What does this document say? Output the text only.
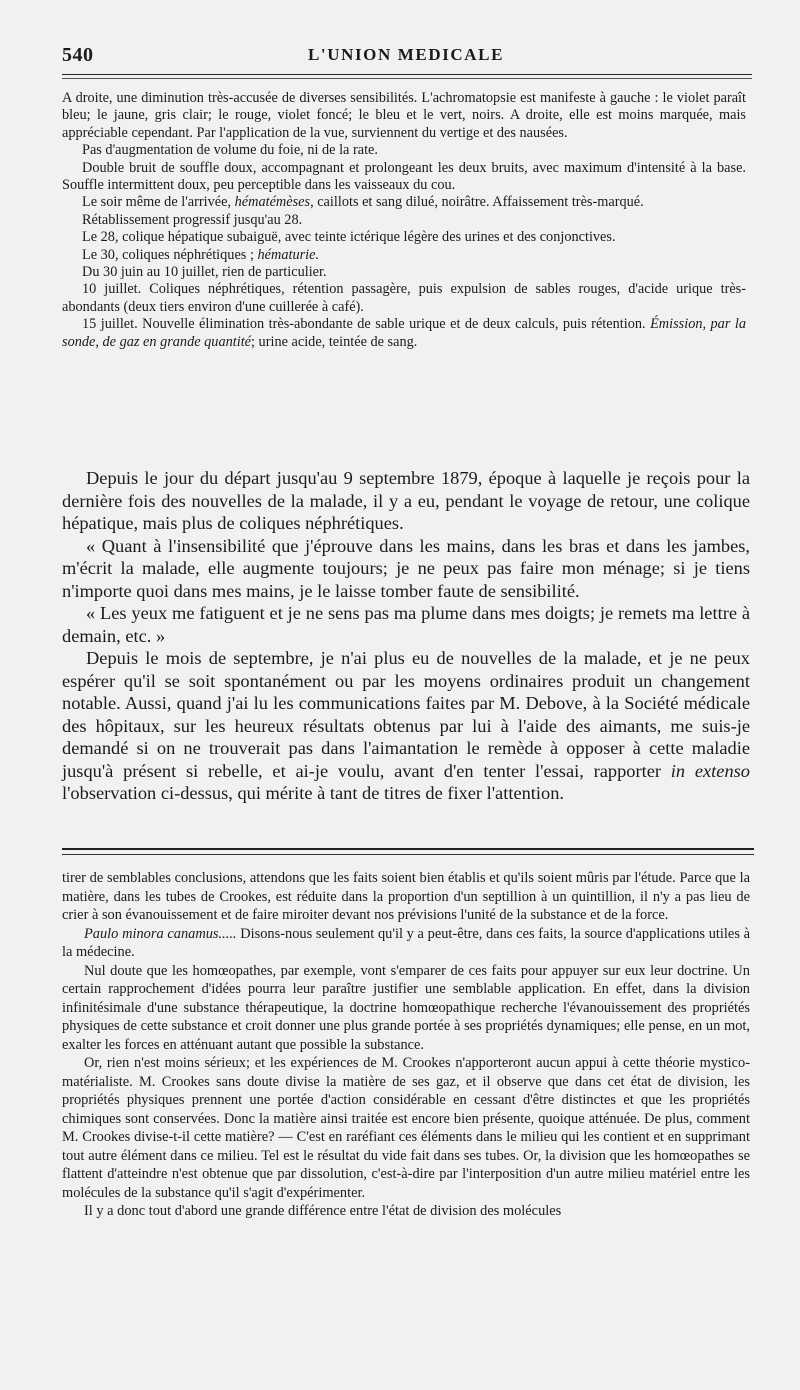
540	L'UNION MEDICALE

A droite, une diminution très-accusée de diverses sensibilités. L'achromatopsie est manifeste à gauche : le violet paraît bleu; le jaune, gris clair; le rouge, violet foncé; le bleu et le vert, noirs. A droite, elle est moins marquée, mais appréciable cependant. Par l'application de la vue, surviennent du vertige et des nausées.

Pas d'augmentation de volume du foie, ni de la rate.

Double bruit de souffle doux, accompagnant et prolongeant les deux bruits, avec maximum d'intensité à la base. Souffle intermittent doux, peu perceptible dans les vaisseaux du cou.

Le soir même de l'arrivée, hématémèses, caillots et sang dilué, noirâtre. Affaissement très-marqué.

Rétablissement progressif jusqu'au 28.

Le 28, colique hépatique subaiguë, avec teinte ictérique légère des urines et des conjonctives.

Le 30, coliques néphrétiques ; hématurie.

Du 30 juin au 10 juillet, rien de particulier.

10 juillet. Coliques néphrétiques, rétention passagère, puis expulsion de sables rouges, d'acide urique très-abondants (deux tiers environ d'une cuillerée à café).

15 juillet. Nouvelle élimination très-abondante de sable urique et de deux calculs, puis rétention. Émission, par la sonde, de gaz en grande quantité; urine acide, teintée de sang.

Depuis le jour du départ jusqu'au 9 septembre 1879, époque à laquelle je reçois pour la dernière fois des nouvelles de la malade, il y a eu, pendant le voyage de retour, une colique hépatique, mais plus de coliques néphrétiques.

« Quant à l'insensibilité que j'éprouve dans les mains, dans les bras et dans les jambes, m'écrit la malade, elle augmente toujours; je ne peux pas faire mon ménage; si je tiens n'importe quoi dans mes mains, je le laisse tomber faute de sensibilité.

« Les yeux me fatiguent et je ne sens pas ma plume dans mes doigts; je remets ma lettre à demain, etc. »

Depuis le mois de septembre, je n'ai plus eu de nouvelles de la malade, et je ne peux espérer qu'il se soit spontanément ou par les moyens ordinaires produit un changement notable. Aussi, quand j'ai lu les communications faites par M. Debove, à la Société médicale des hôpitaux, sur les heureux résultats obtenus par lui à l'aide des aimants, me suis-je demandé si on ne trouverait pas dans l'aimantation le remède à opposer à cette maladie jusqu'à présent si rebelle, et ai-je voulu, avant d'en tenter l'essai, rapporter in extenso l'observation ci-dessus, qui mérite à tant de titres de fixer l'attention.

tirer de semblables conclusions, attendons que les faits soient bien établis et qu'ils soient mûris par l'étude. Parce que la matière, dans les tubes de Crookes, est réduite dans la proportion d'un septillion à un quintillion, il n'y a pas lieu de crier à son évanouissement et de faire miroiter devant nos prévisions l'unité de la substance et de la force.

Paulo minora canamus..... Disons-nous seulement qu'il y a peut-être, dans ces faits, la source d'applications utiles à la médecine.

Nul doute que les homœopathes, par exemple, vont s'emparer de ces faits pour appuyer sur eux leur doctrine. Un certain rapprochement d'idées pourra leur paraître justifier une semblable application. En effet, dans la division infinitésimale d'une substance thérapeutique, la doctrine homœopathique recherche l'évanouissement des propriétés physiques de cette substance et croit donner une plus grande portée à ses propriétés dynamiques; elle pense, en un mot, exalter les forces en atténuant autant que possible la substance.

Or, rien n'est moins sérieux; et les expériences de M. Crookes n'apporteront aucun appui à cette théorie mystico-matérialiste. M. Crookes sans doute divise la matière de ses gaz, et il observe que dans cet état de division, les propriétés physiques prennent une portée d'action considérable en cessant d'être distinctes et que les propriétés chimiques sont conservées. Donc la matière ainsi traitée est encore bien présente, quoique atténuée. De plus, comment M. Crookes divise-t-il cette matière? — C'est en raréfiant ces éléments dans le milieu qui les contient et en supprimant tout autre élément dans ce milieu. Tel est le résultat du vide fait dans ses tubes. Or, la division que les homœopathes se flattent d'atteindre n'est obtenue que par dissolution, c'est-à-dire par l'interposition d'un autre milieu matériel entre les molécules de la substance qu'il s'agit d'expérimenter.

Il y a donc tout d'abord une grande différence entre l'état de division des molécules
